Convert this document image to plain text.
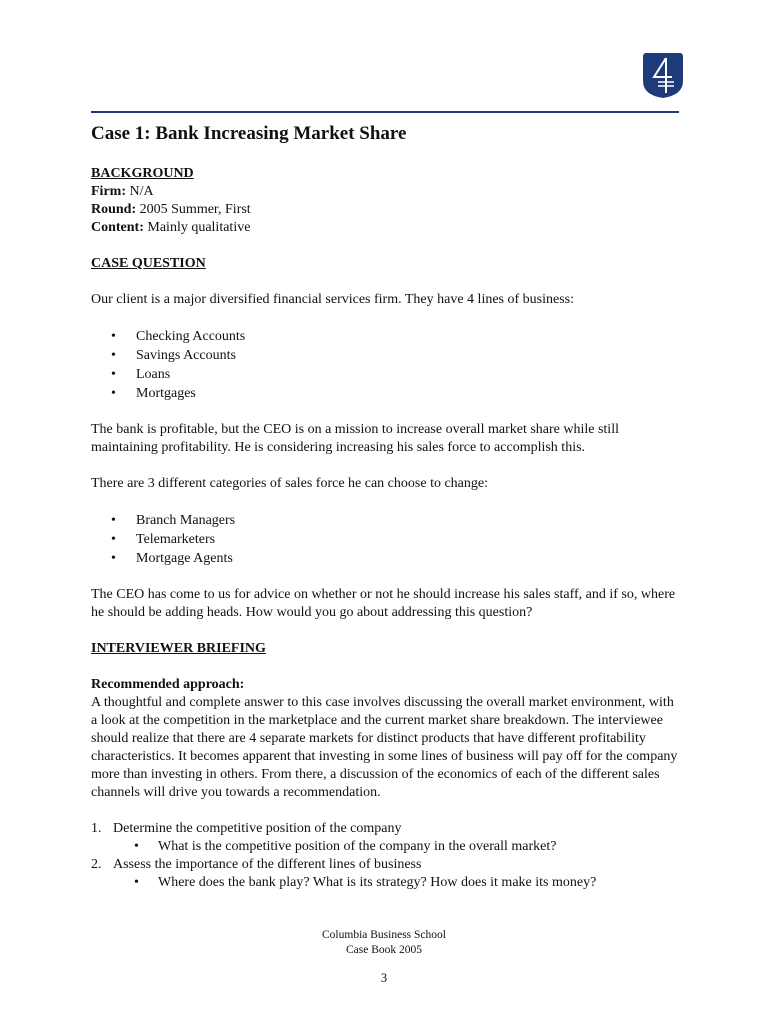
Case 1: Bank Increasing Market Share

BACKGROUND

Firm: N/A

Round: 2005 Summer, First

Content: Mainly qualitative

CASE QUESTION

Our client is a major diversified financial services firm. They have 4 lines of business:

• Checking Accounts
• Savings Accounts
• Loans
• Mortgages

The bank is profitable, but the CEO is on a mission to increase overall market share while still maintaining profitability. He is considering increasing his sales force to accomplish this.

There are 3 different categories of sales force he can choose to change:

• Branch Managers
• Telemarketers
• Mortgage Agents

The CEO has come to us for advice on whether or not he should increase his sales staff, and if so, where he should be adding heads. How would you go about addressing this question?

INTERVIEWER BRIEFING

Recommended approach:

A thoughtful and complete answer to this case involves discussing the overall market environment, with a look at the competition in the marketplace and the current market share breakdown. The interviewee should realize that there are 4 separate markets for distinct products that have different profitability characteristics. It becomes apparent that investing in some lines of business will pay off for the company more than investing in others. From there, a discussion of the economics of each of the different sales channels will drive you towards a recommendation.

1. Determine the competitive position of the company
• What is the competitive position of the company in the overall market?
2. Assess the importance of the different lines of business
• Where does the bank play? What is its strategy? How does it make its money?
Columbia Business School
Case Book 2005
3
